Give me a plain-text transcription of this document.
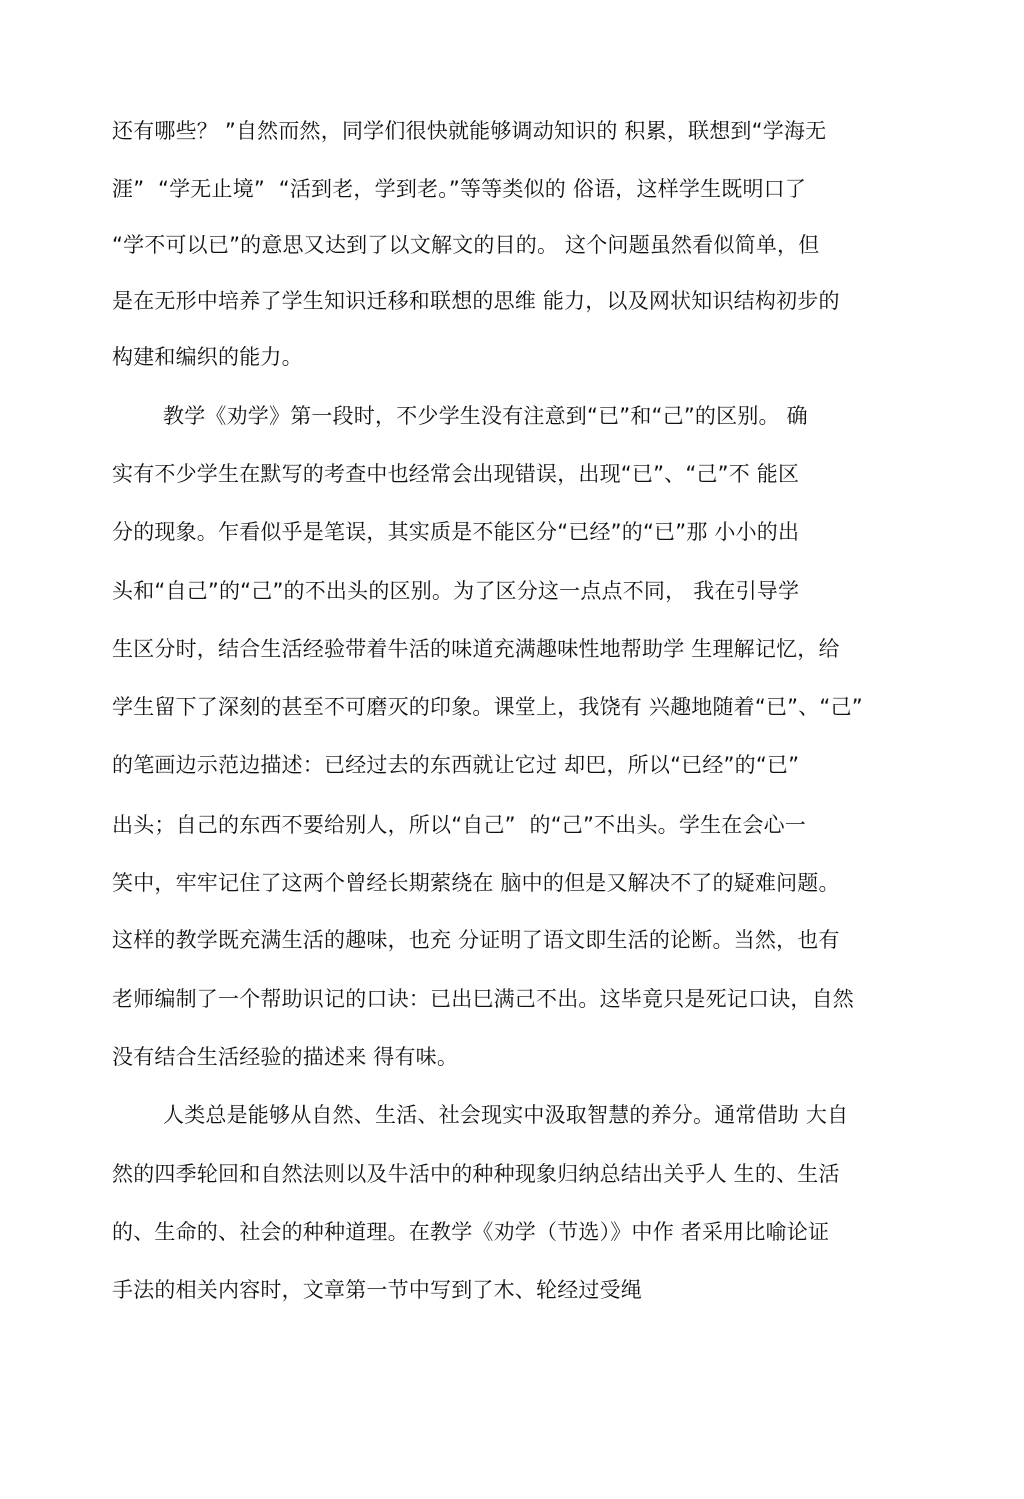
还有哪些？ ”自然而然，同学们很快就能够调动知识的 积累，联想到“学海无
涯”  “学无止境”  “活到老，学到老。”等等类似的 俗语，这样学生既明口了
“学不可以已”的意思又达到了以文解文的目的。 这个问题虽然看似简单，但
是在无形中培养了学生知识迁移和联想的思维 能力，以及网状知识结构初步的
构建和编织的能力。
教学《劝学》第一段时，不少学生没有注意到“已”和“己”的区别。 确
实有不少学生在默写的考查中也经常会出现错误，出现“已”、“己”不 能区
分的现象。乍看似乎是笔误，其实质是不能区分“已经”的“已”那 小小的出
头和“自己”的“己”的不出头的区别。为了区分这一点点不同， 我在引导学
生区分时，结合生活经验带着牛活的味道充满趣味性地帮助学 生理解记忆，给
学生留下了深刻的甚至不可磨灭的印象。课堂上，我饶有 兴趣地随着“已”、“己”
的笔画边示范边描述：已经过去的东西就让它过 却巴，所以“已经”的“已”
出头；自己的东西不要给别人，所以“自己”  的“己”不出头。学生在会心一
笑中，牢牢记住了这两个曾经长期萦绕在 脑中的但是又解决不了的疑难问题。
这样的教学既充满生活的趣味，也充 分证明了语文即生活的论断。当然，也有
老师编制了一个帮助识记的口诀：已出巳满己不出。这毕竟只是死记口诀，自然
没有结合生活经验的描述来 得有味。
人类总是能够从自然、生活、社会现实中汲取智慧的养分。通常借助 大自
然的四季轮回和自然法则以及牛活中的种种现象归纳总结出关乎人 生的、生活
的、生命的、社会的种种道理。在教学《劝学（节选）》中作 者采用比喻论证
手法的相关内容时，文章第一节中写到了木、轮经过受绳
